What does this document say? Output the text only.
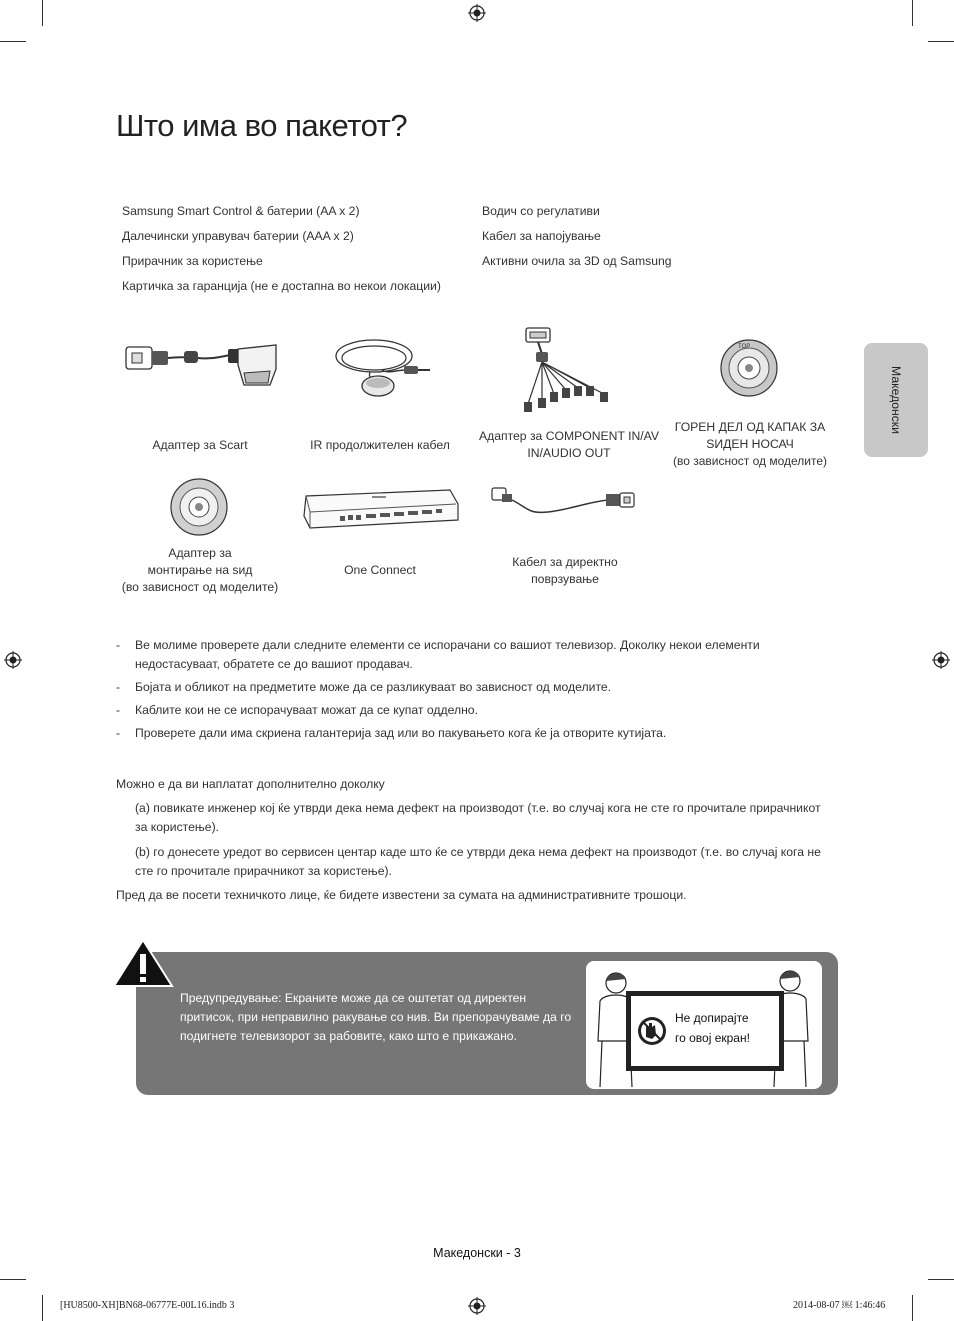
Што има во пакетот?
Македонски
Samsung Smart Control & батерии (AA x 2)
Далечински управувач батерии (AAA x 2)
Прирачник за користење
Картичка за гаранција (не е достапна во некои локации)
Водич со регулативи
Кабел за напојување
Активни очила за 3D од Samsung
TOP
Адаптер за Scart	IR продолжителен кабел
Адаптер за COMPONENT IN/AV
IN/AUDIO OUT
ГОРЕН ДЕЛ ОД КАПАК ЗА
ЅИДЕН НОСАЧ
(во зависност од моделите)
Адаптер за
монтирање на ѕид
(во зависност од моделите)
One Connect
Кабел за директно
поврзување
- Ве молиме проверете дали следните елементи се испорачани со вашиот телевизор. Доколку некои елементи недостасуваат, обратете се до вашиот продавач.
- Бојата и обликот на предметите може да се разликуваат во зависност од моделите.
- Каблите кои не се испорачуваат можат да се купат одделно.
- Проверете дали има скриена галантерија зад или во пакувањето кога ќе ја отворите кутијата.
Можно е да ви наплатат дополнително доколку
(a) повикате инженер кој ќе утврди дека нема дефект на производот (т.е. во случај кога не сте го прочитале прирачникот за користење).
(b) го донесете уредот во сервисен центар каде што ќе се утврди дека нема дефект на производот (т.е. во случај кога не сте го прочитале прирачникот за користење).
Пред да ве посети техничкото лице, ќе бидете известени за сумата на административните трошоци.
Предупредување: Екраните може да се оштетат од директен притисок, при неправилно ракување со нив. Ви препорачуваме да го подигнете телевизорот за рабовите, како што е прикажано.
Не допирајте
го овој екран!
Македонски - 3
[HU8500-XH]BN68-06777E-00L16.indb 3	2014-08-07 ￼ 1:46:46
